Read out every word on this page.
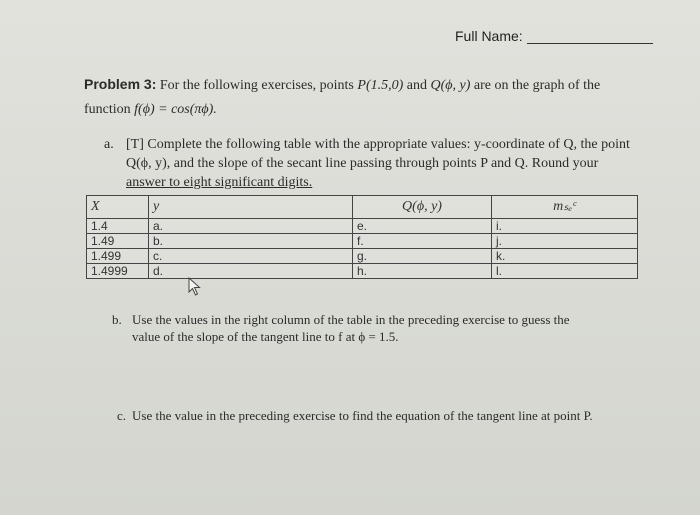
Full Name:
Problem 3: For the following exercises, points P(1.5,0) and Q(ϕ, y) are on the graph of the function f(ϕ) = cos(πϕ).
a. [T] Complete the following table with the appropriate values: y-coordinate of Q, the point
Q(ϕ, y), and the slope of the secant line passing through points P and Q. Round your
answer to eight significant digits.
X	y	Q(ϕ, y)	mₛₑᶜ
1.4	a.	e.	i.
1.49	b.	f.	j.
1.499	c.	g.	k.
1.4999	d.	h.	l.
b. Use the values in the right column of the table in the preceding exercise to guess the
value of the slope of the tangent line to f at ϕ = 1.5.
c. Use the value in the preceding exercise to find the equation of the tangent line at point P.
